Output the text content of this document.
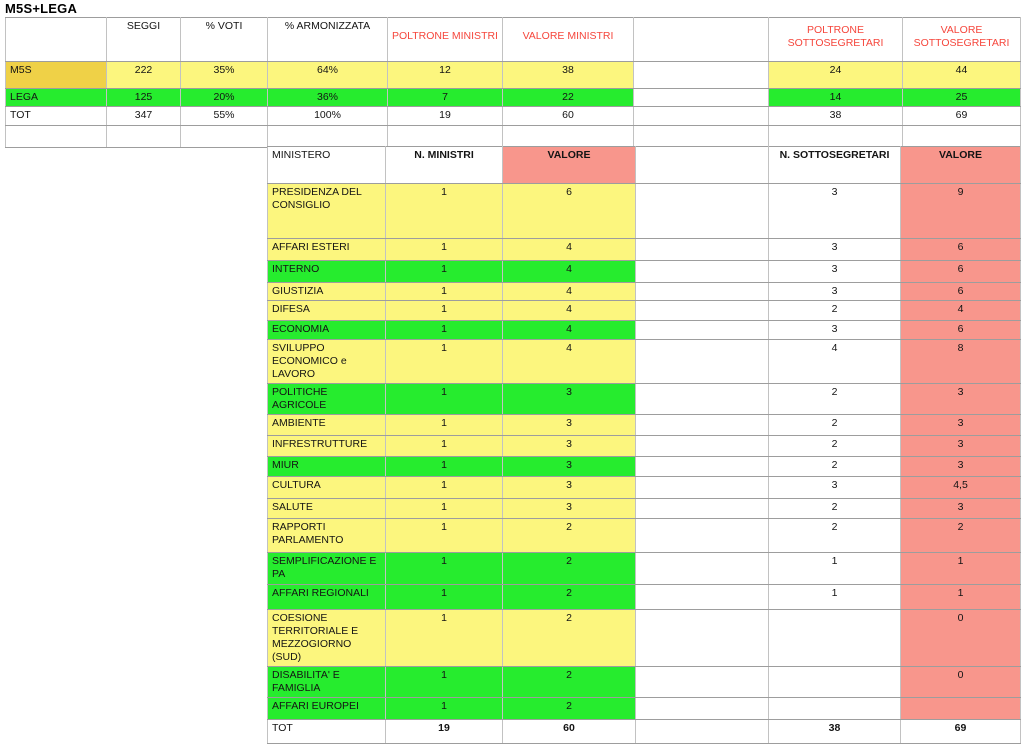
M5S+LEGA
	SEGGI	% VOTI	% ARMONIZZATA	POLTRONE MINISTRI	VALORE MINISTRI		POLTRONE SOTTOSEGRETARI	VALORE SOTTOSEGRETARI
M5S	222	35%	64%	12	38		24	44
LEGA	125	20%	36%	7	22		14	25
TOT	347	55%	100%	19	60		38	69

MINISTERO	N. MINISTRI	VALORE		N. SOTTOSEGRETARI	VALORE
PRESIDENZA DEL CONSIGLIO	1	6		3	9
AFFARI ESTERI	1	4		3	6
INTERNO	1	4		3	6
GIUSTIZIA	1	4		3	6
DIFESA	1	4		2	4
ECONOMIA	1	4		3	6
SVILUPPO ECONOMICO e LAVORO	1	4		4	8
POLITICHE AGRICOLE	1	3		2	3
AMBIENTE	1	3		2	3
INFRESTRUTTURE	1	3		2	3
MIUR	1	3		2	3
CULTURA	1	3		3	4,5
SALUTE	1	3		2	3
RAPPORTI PARLAMENTO	1	2		2	2
SEMPLIFICAZIONE E PA	1	2		1	1
AFFARI REGIONALI	1	2		1	1
COESIONE TERRITORIALE E MEZZOGIORNO (SUD)	1	2			0
DISABILITA' E FAMIGLIA	1	2			0
AFFARI EUROPEI	1	2			
TOT	19	60		38	69
